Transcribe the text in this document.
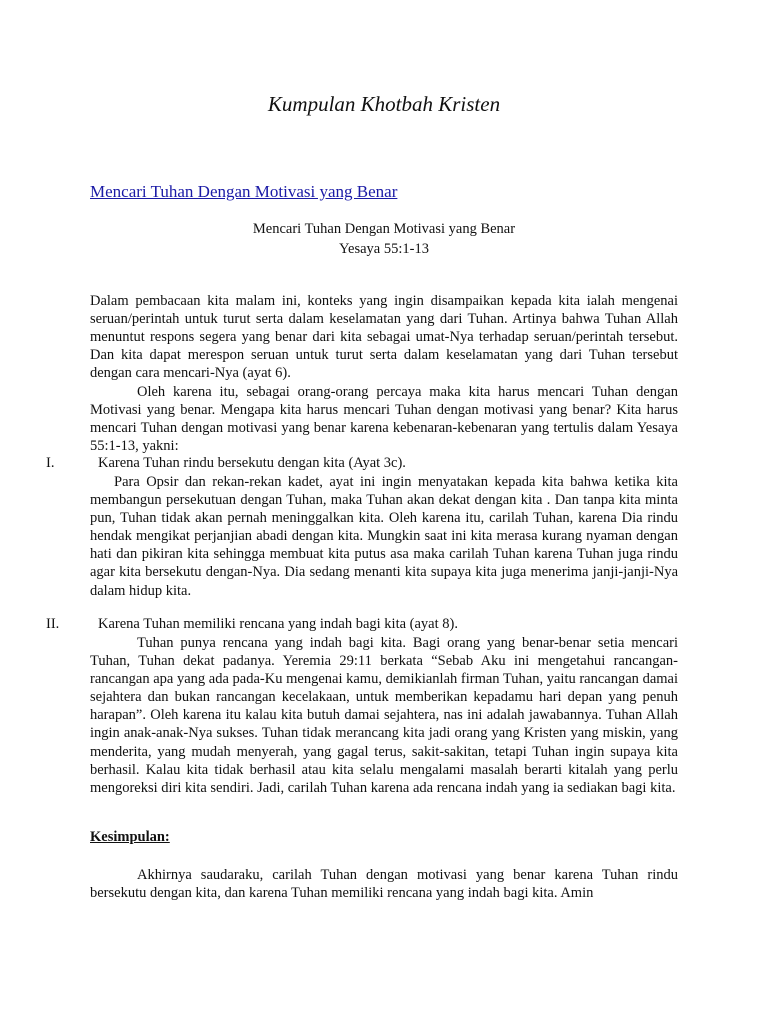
Kumpulan Khotbah Kristen
Mencari Tuhan Dengan Motivasi yang Benar
Mencari Tuhan Dengan Motivasi yang Benar
Yesaya 55:1-13

Dalam pembacaan kita malam ini, konteks yang ingin disampaikan kepada kita ialah mengenai seruan/perintah untuk turut serta dalam keselamatan yang dari Tuhan. Artinya bahwa Tuhan Allah menuntut respons segera yang benar dari kita sebagai umat-Nya terhadap seruan/perintah tersebut. Dan kita dapat merespon seruan untuk turut serta dalam keselamatan yang dari Tuhan tersebut dengan cara mencari-Nya (ayat 6).

Oleh karena itu, sebagai orang-orang percaya maka kita harus mencari Tuhan dengan Motivasi yang benar. Mengapa kita harus mencari Tuhan dengan motivasi yang benar? Kita harus mencari Tuhan dengan motivasi yang benar karena kebenaran-kebenaran yang tertulis dalam Yesaya 55:1-13, yakni:

I.	Karena Tuhan rindu bersekutu dengan kita (Ayat 3c).

Para Opsir dan rekan-rekan kadet, ayat ini ingin menyatakan kepada kita bahwa ketika kita membangun persekutuan dengan Tuhan, maka Tuhan akan dekat dengan kita . Dan tanpa kita minta pun, Tuhan tidak akan pernah meninggalkan kita. Oleh karena itu, carilah Tuhan, karena Dia rindu hendak mengikat perjanjian abadi dengan kita. Mungkin saat ini kita merasa kurang nyaman dengan hati dan pikiran kita sehingga membuat kita putus asa maka carilah Tuhan karena Tuhan juga rindu agar kita bersekutu dengan-Nya. Dia sedang menanti kita supaya kita juga menerima janji-janji-Nya dalam hidup kita.

II.	Karena Tuhan memiliki rencana yang indah bagi kita (ayat 8).

Tuhan punya rencana yang indah bagi kita. Bagi orang yang benar-benar setia mencari Tuhan, Tuhan dekat padanya. Yeremia 29:11 berkata “Sebab Aku ini mengetahui rancangan-rancangan apa yang ada pada-Ku mengenai kamu, demikianlah firman Tuhan, yaitu rancangan damai sejahtera dan bukan rancangan kecelakaan, untuk memberikan kepadamu hari depan yang penuh harapan”. Oleh karena itu kalau kita butuh damai sejahtera, nas ini adalah jawabannya. Tuhan Allah ingin anak-anak-Nya sukses. Tuhan tidak merancang kita jadi orang yang Kristen yang miskin, yang menderita, yang mudah menyerah, yang gagal terus, sakit-sakitan, tetapi Tuhan ingin supaya kita berhasil. Kalau kita tidak berhasil atau kita selalu mengalami masalah berarti kitalah yang perlu mengoreksi diri kita sendiri. Jadi, carilah Tuhan karena ada rencana indah yang ia sediakan bagi kita.

Kesimpulan:

Akhirnya saudaraku, carilah Tuhan dengan motivasi yang benar karena Tuhan rindu bersekutu dengan kita, dan karena Tuhan memiliki rencana yang indah bagi kita. Amin
